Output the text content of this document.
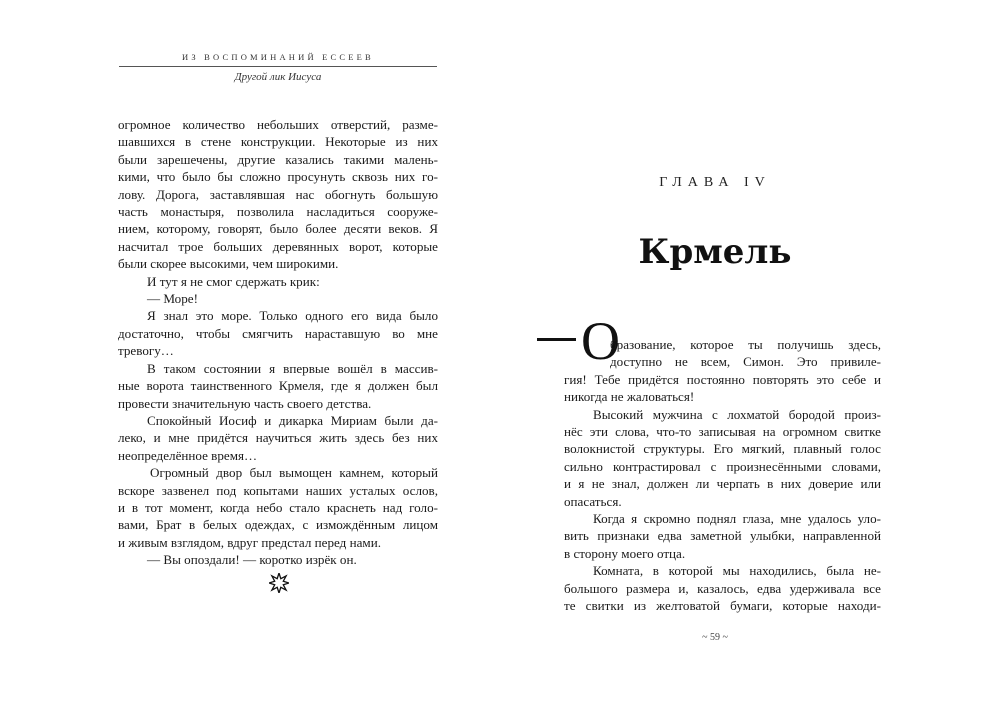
ИЗ ВОСПОМИНАНИЙ ЕССЕЕВ
Другой лик Иисуса
огромное количество небольших отверстий, разме-
шавшихся в стене конструкции. Некоторые из них
были зарешечены, другие казались такими малень-
кими, что было бы сложно просунуть сквозь них го-
лову. Дорога, заставлявшая нас обогнуть большую
часть монастыря, позволила насладиться сооруже-
нием, которому, говорят, было более десяти веков. Я
насчитал трое больших деревянных ворот, которые
были скорее высокими, чем широкими.
И тут я не смог сдержать крик:
— Море!
Я знал это море. Только одного его вида было
достаточно, чтобы смягчить нараставшую во мне
тревогу…
В таком состоянии я впервые вошёл в массив-
ные ворота таинственного Крмеля, где я должен был
провести значительную часть своего детства.
Спокойный Иосиф и дикарка Мириам были да-
леко, и мне придётся научиться жить здесь без них
неопределённое время…
Огромный двор был вымощен камнем, который
вскоре зазвенел под копытами наших усталых ослов,
и в тот момент, когда небо стало краснеть над голо-
вами, Брат в белых одеждах, с измождённым лицом
и живым взглядом, вдруг предстал перед нами.
— Вы опоздали! — коротко изрёк он.
ГЛАВА IV
Крмель
О
бразование, которое ты получишь здесь,
доступно не всем, Симон. Это привиле-
гия! Тебе придётся постоянно повторять это себе и
никогда не жаловаться!
Высокий мужчина с лохматой бородой произ-
нёс эти слова, что-то записывая на огромном свитке
волокнистой структуры. Его мягкий, плавный голос
сильно контрастировал с произнесёнными словами,
и я не знал, должен ли черпать в них доверие или
опасаться.
Когда я скромно поднял глаза, мне удалось уло-
вить признаки едва заметной улыбки, направленной
в сторону моего отца.
Комната, в которой мы находились, была не-
большого размера и, казалось, едва удерживала все
те свитки из желтоватой бумаги, которые находи-
~ 59 ~
